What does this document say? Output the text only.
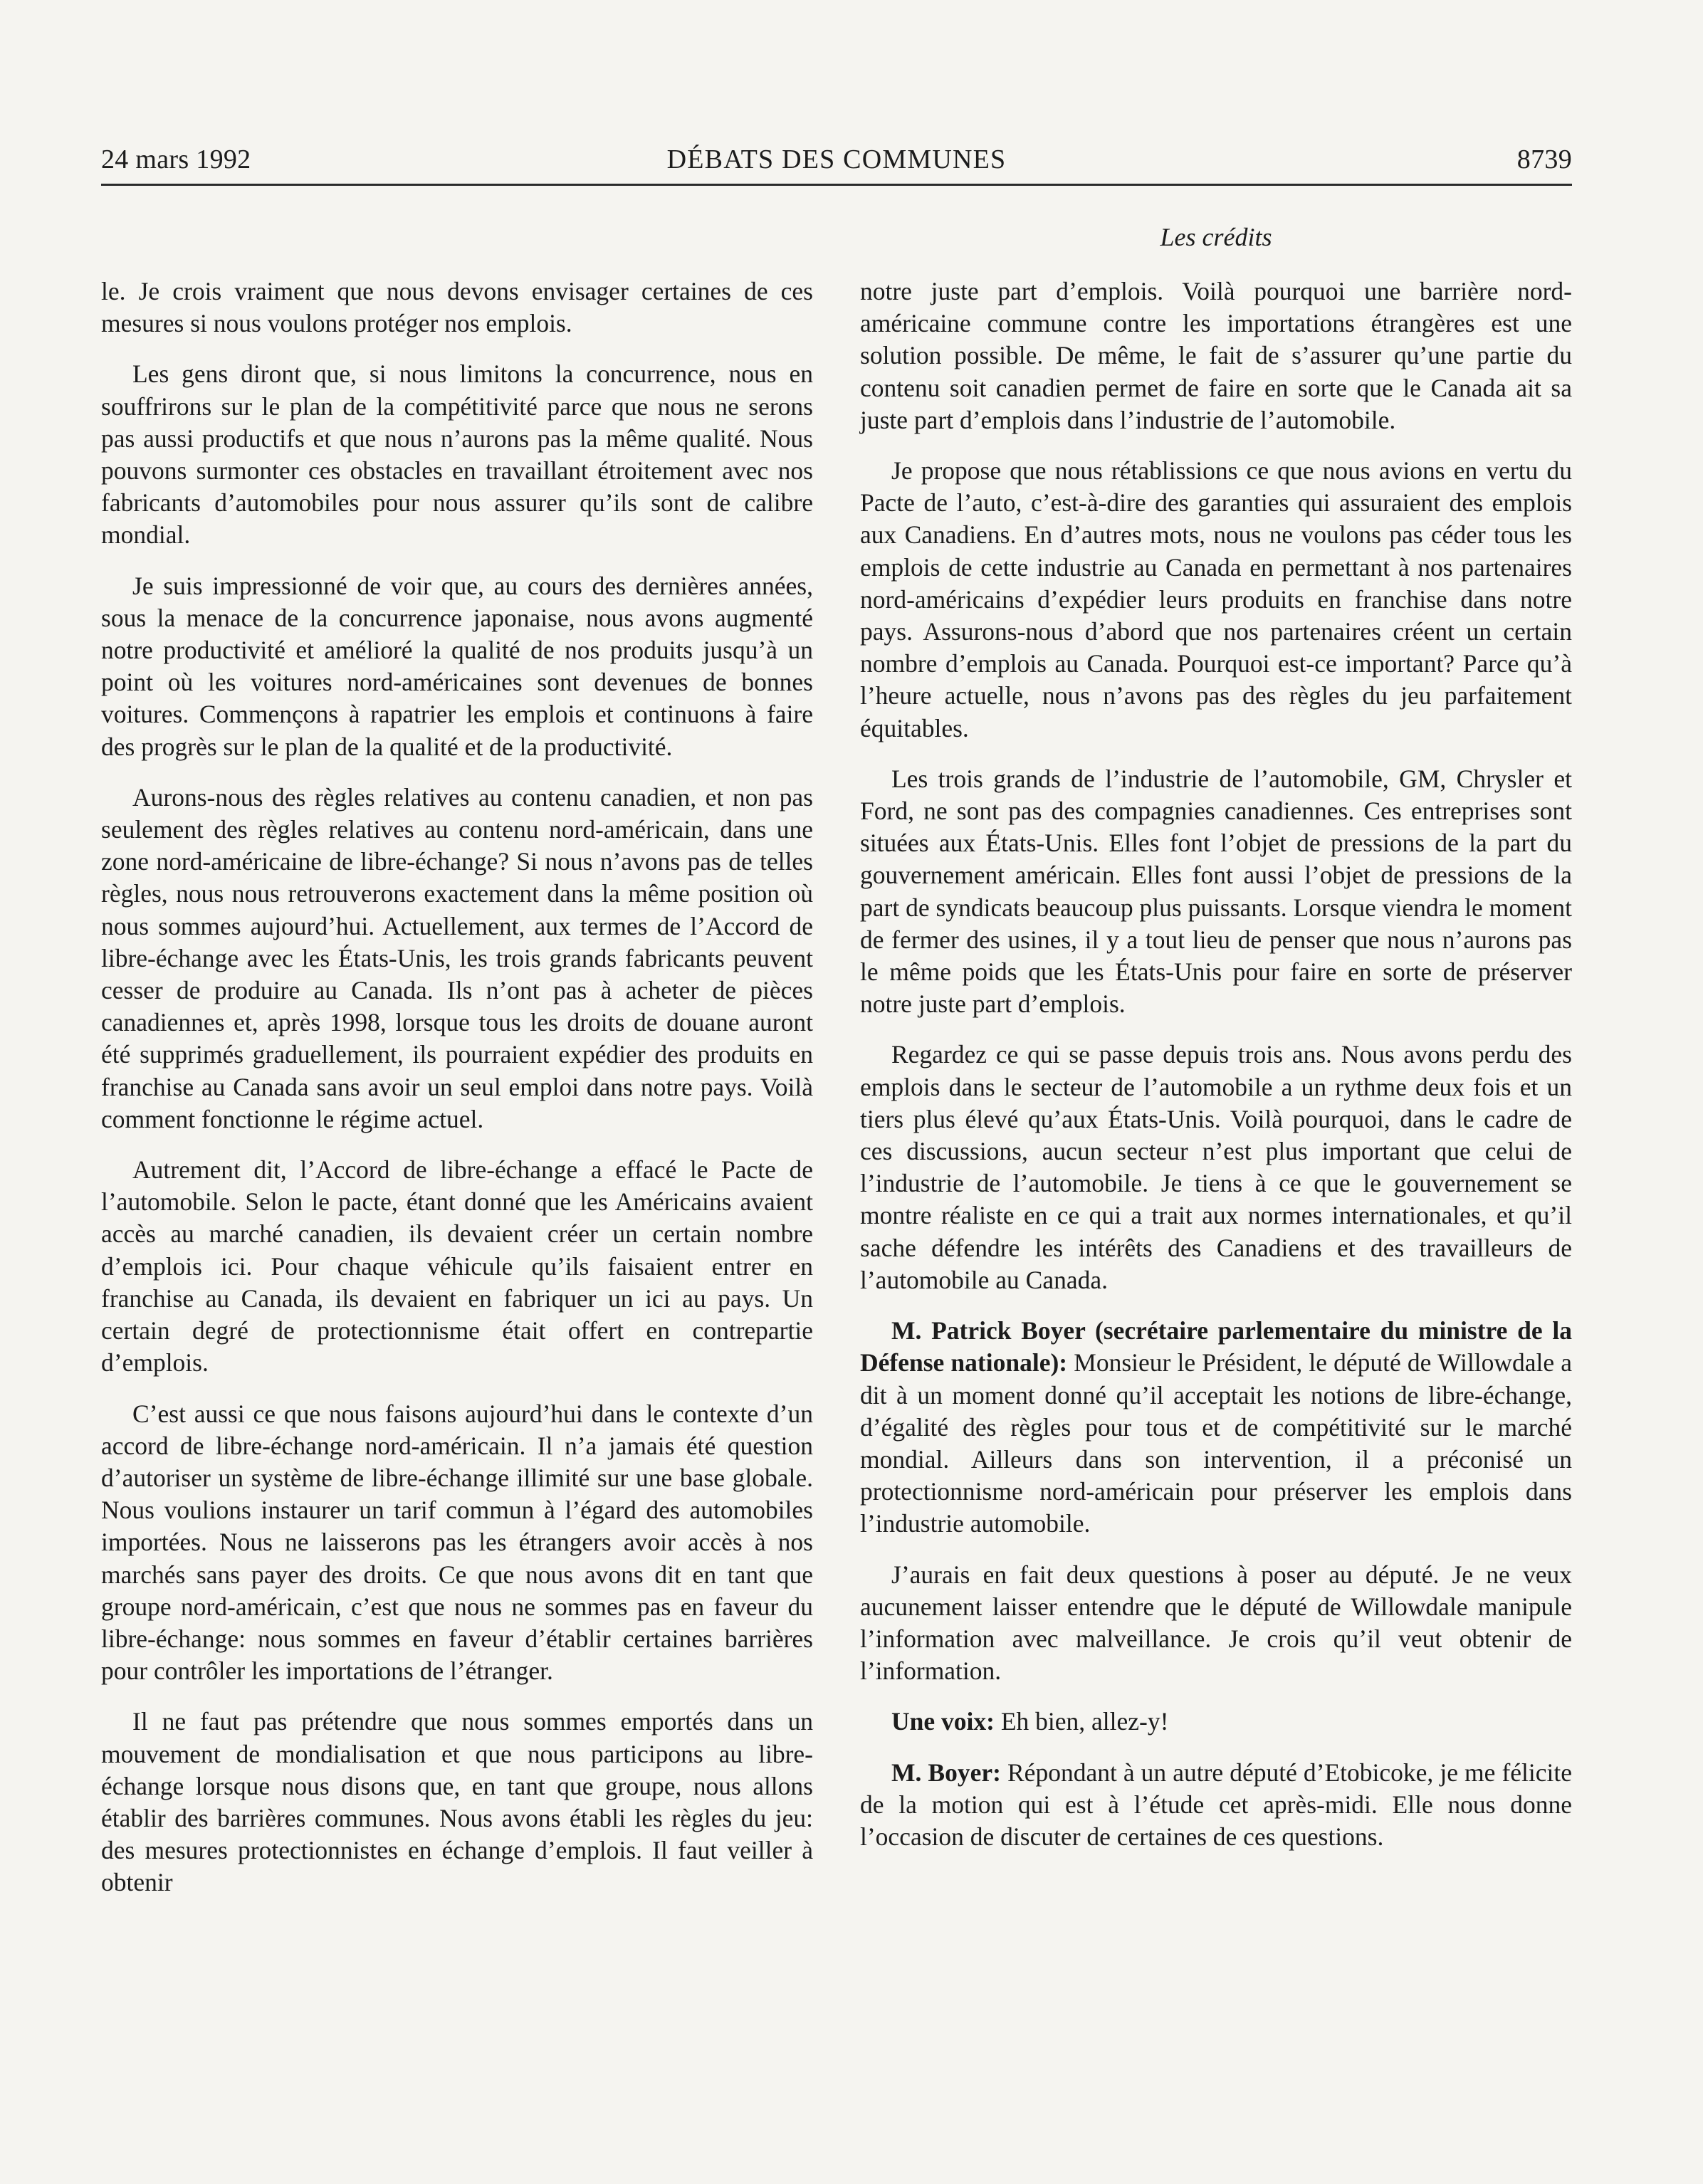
24 mars 1992	DÉBATS DES COMMUNES	8739
Les crédits

le. Je crois vraiment que nous devons envisager certaines de ces mesures si nous voulons protéger nos emplois.

Les gens diront que, si nous limitons la concurrence, nous en souffrirons sur le plan de la compétitivité parce que nous ne serons pas aussi productifs et que nous n’aurons pas la même qualité. Nous pouvons surmonter ces obstacles en travaillant étroitement avec nos fabricants d’automobiles pour nous assurer qu’ils sont de calibre mondial.

Je suis impressionné de voir que, au cours des dernières années, sous la menace de la concurrence japonaise, nous avons augmenté notre productivité et amélioré la qualité de nos produits jusqu’à un point où les voitures nord-américaines sont devenues de bonnes voitures. Commençons à rapatrier les emplois et continuons à faire des progrès sur le plan de la qualité et de la productivité.

Aurons-nous des règles relatives au contenu canadien, et non pas seulement des règles relatives au contenu nord-américain, dans une zone nord-américaine de libre-échange? Si nous n’avons pas de telles règles, nous nous retrouverons exactement dans la même position où nous sommes aujourd’hui. Actuellement, aux termes de l’Accord de libre-échange avec les États-Unis, les trois grands fabricants peuvent cesser de produire au Canada. Ils n’ont pas à acheter de pièces canadiennes et, après 1998, lorsque tous les droits de douane auront été supprimés graduellement, ils pourraient expédier des produits en franchise au Canada sans avoir un seul emploi dans notre pays. Voilà comment fonctionne le régime actuel.

Autrement dit, l’Accord de libre-échange a effacé le Pacte de l’automobile. Selon le pacte, étant donné que les Américains avaient accès au marché canadien, ils devaient créer un certain nombre d’emplois ici. Pour chaque véhicule qu’ils faisaient entrer en franchise au Canada, ils devaient en fabriquer un ici au pays. Un certain degré de protectionnisme était offert en contrepartie d’emplois.

C’est aussi ce que nous faisons aujourd’hui dans le contexte d’un accord de libre-échange nord-américain. Il n’a jamais été question d’autoriser un système de libre-échange illimité sur une base globale. Nous voulions instaurer un tarif commun à l’égard des automobiles importées. Nous ne laisserons pas les étrangers avoir accès à nos marchés sans payer des droits. Ce que nous avons dit en tant que groupe nord-américain, c’est que nous ne sommes pas en faveur du libre-échange: nous sommes en faveur d’établir certaines barrières pour contrôler les importations de l’étranger.

Il ne faut pas prétendre que nous sommes emportés dans un mouvement de mondialisation et que nous participons au libre-échange lorsque nous disons que, en tant que groupe, nous allons établir des barrières communes. Nous avons établi les règles du jeu: des mesures protectionnistes en échange d’emplois. Il faut veiller à obtenir

notre juste part d’emplois. Voilà pourquoi une barrière nord-américaine commune contre les importations étrangères est une solution possible. De même, le fait de s’assurer qu’une partie du contenu soit canadien permet de faire en sorte que le Canada ait sa juste part d’emplois dans l’industrie de l’automobile.

Je propose que nous rétablissions ce que nous avions en vertu du Pacte de l’auto, c’est-à-dire des garanties qui assuraient des emplois aux Canadiens. En d’autres mots, nous ne voulons pas céder tous les emplois de cette industrie au Canada en permettant à nos partenaires nord-américains d’expédier leurs produits en franchise dans notre pays. Assurons-nous d’abord que nos partenaires créent un certain nombre d’emplois au Canada. Pourquoi est-ce important? Parce qu’à l’heure actuelle, nous n’avons pas des règles du jeu parfaitement équitables.

Les trois grands de l’industrie de l’automobile, GM, Chrysler et Ford, ne sont pas des compagnies canadiennes. Ces entreprises sont situées aux États-Unis. Elles font l’objet de pressions de la part du gouvernement américain. Elles font aussi l’objet de pressions de la part de syndicats beaucoup plus puissants. Lorsque viendra le moment de fermer des usines, il y a tout lieu de penser que nous n’aurons pas le même poids que les États-Unis pour faire en sorte de préserver notre juste part d’emplois.

Regardez ce qui se passe depuis trois ans. Nous avons perdu des emplois dans le secteur de l’automobile a un rythme deux fois et un tiers plus élevé qu’aux États-Unis. Voilà pourquoi, dans le cadre de ces discussions, aucun secteur n’est plus important que celui de l’industrie de l’automobile. Je tiens à ce que le gouvernement se montre réaliste en ce qui a trait aux normes internationales, et qu’il sache défendre les intérêts des Canadiens et des travailleurs de l’automobile au Canada.

M. Patrick Boyer (secrétaire parlementaire du ministre de la Défense nationale): Monsieur le Président, le député de Willowdale a dit à un moment donné qu’il acceptait les notions de libre-échange, d’égalité des règles pour tous et de compétitivité sur le marché mondial. Ailleurs dans son intervention, il a préconisé un protectionnisme nord-américain pour préserver les emplois dans l’industrie automobile.

J’aurais en fait deux questions à poser au député. Je ne veux aucunement laisser entendre que le député de Willowdale manipule l’information avec malveillance. Je crois qu’il veut obtenir de l’information.

Une voix: Eh bien, allez-y!

M. Boyer: Répondant à un autre député d’Etobicoke, je me félicite de la motion qui est à l’étude cet après-midi. Elle nous donne l’occasion de discuter de certaines de ces questions.
